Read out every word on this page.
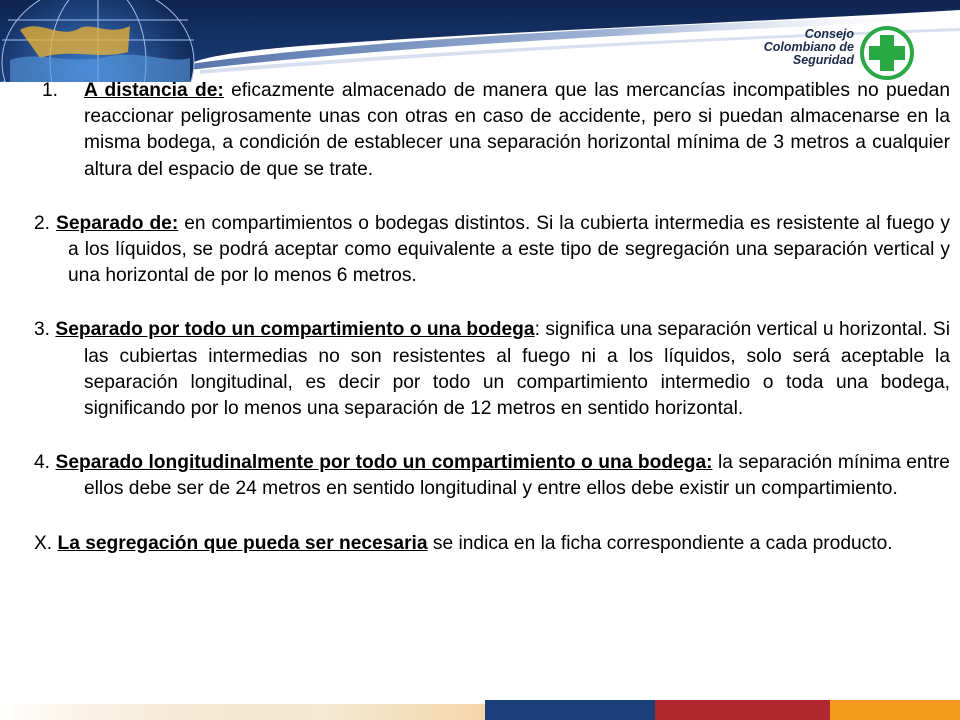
Consejo
Colombiano de
Seguridad

1. A distancia de: eficazmente almacenado de manera que las mercancías incompatibles no puedan reaccionar peligrosamente unas con otras en caso de accidente, pero si puedan almacenarse en la misma bodega, a condición de establecer una separación horizontal mínima de 3 metros a cualquier altura del espacio de que se trate.

2. Separado de: en compartimientos o bodegas distintos. Si la cubierta intermedia es resistente al fuego y a los líquidos, se podrá aceptar como equivalente a este tipo de segregación una separación vertical y una horizontal de por lo menos 6 metros.

3. Separado por todo un compartimiento o una bodega: significa una separación vertical u horizontal. Si las cubiertas intermedias no son resistentes al fuego ni a los líquidos, solo será aceptable la separación longitudinal, es decir por todo un compartimiento intermedio o toda una bodega, significando por lo menos una separación de 12 metros en sentido horizontal.

4. Separado longitudinalmente por todo un compartimiento o una bodega: la separación mínima entre ellos debe ser de 24 metros en sentido longitudinal y entre ellos debe existir un compartimiento.

X. La segregación que pueda ser necesaria se indica en la ficha correspondiente a cada producto.
